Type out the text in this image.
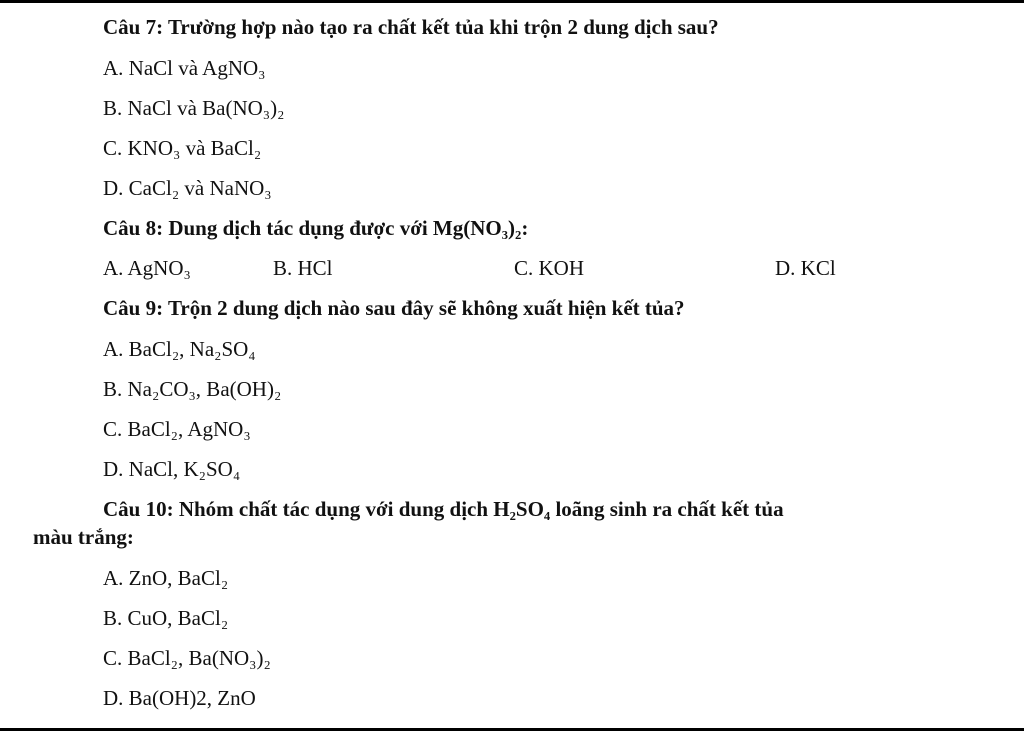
Câu 7: Trường hợp nào tạo ra chất kết tủa khi trộn 2 dung dịch sau?
A. NaCl và AgNO₃
B. NaCl và Ba(NO₃)₂
C. KNO₃ và BaCl₂
D. CaCl₂ và NaNO₃
Câu 8: Dung dịch tác dụng được với Mg(NO₃)₂:
A. AgNO₃	B. HCl	C. KOH	D. KCl
Câu 9: Trộn 2 dung dịch nào sau đây sẽ không xuất hiện kết tủa?
A. BaCl₂, Na₂SO₄
B. Na₂CO₃, Ba(OH)₂
C. BaCl₂, AgNO₃
D. NaCl, K₂SO₄
Câu 10: Nhóm chất tác dụng với dung dịch H₂SO₄ loãng sinh ra chất kết tủa
màu trắng:
A. ZnO, BaCl₂
B. CuO, BaCl₂
C. BaCl₂, Ba(NO₃)₂
D. Ba(OH)2, ZnO
